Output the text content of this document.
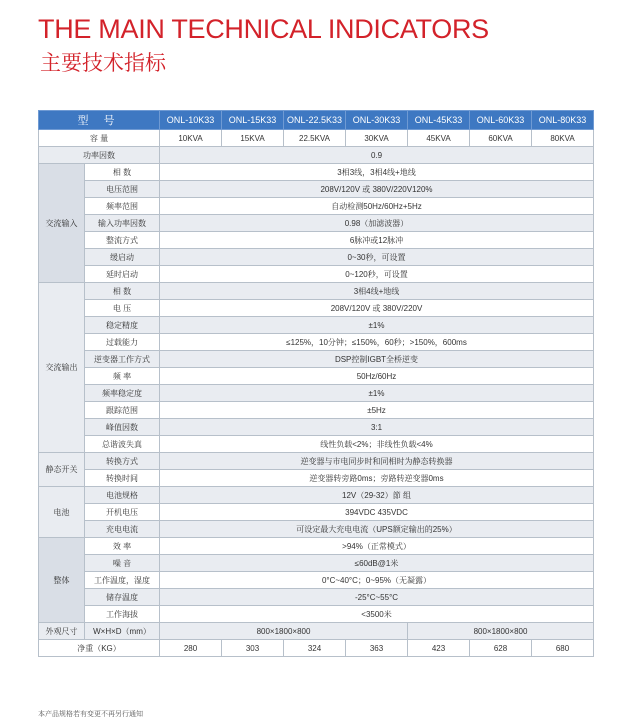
THE MAIN TECHNICAL INDICATORS
主要技术指标
型 号		ONL-10K33	ONL-15K33	ONL-22.5K33	ONL-30K33	ONL-45K33	ONL-60K33	ONL-80K33
容 量		10KVA	15KVA	22.5KVA	30KVA	45KVA	60KVA	80KVA
功率因数		0.9						
交流输入	相 数	3相3线，3相4线+地线						
	电压范围	208V/120V 或 380V/220V120%						
	频率范围	自动检测50Hz/60Hz+5Hz						
	输入功率因数	0.98（加滤波器）						
	整流方式	6脉冲或12脉冲						
	缓启动	0~30秒，可设置						
	延时启动	0~120秒，可设置						
交流输出	相 数	3相4线+地线						
	电 压	208V/120V 或 380V/220V						
	稳定精度	±1%						
	过载能力	≤125%，10分钟；≤150%，60秒；>150%，600ms						
	逆变器工作方式	DSP控制IGBT全桥逆变						
	频 率	50Hz/60Hz						
	频率稳定度	±1%						
	跟踪范围	±5Hz						
	峰值因数	3:1						
	总谐波失真	线性负载<2%；非线性负载<4%						
静态开关	转换方式	逆变器与市电同步时和同相时为静态转换器						
	转换时间	逆变器转旁路0ms；旁路转逆变器0ms						
电池	电池规格	12V（29-32）節 组						
	开机电压	394VDC 435VDC						
	充电电流	可设定最大充电电流（UPS额定输出的25%）						
整体	效 率	>94%（正常模式）						
	噪 音	≤60dB@1米						
	工作温度，湿度	0°C~40°C；0~95%（无凝露）						
	储存温度	-25°C~55°C						
	工作海拔	<3500米						
外观尺寸	W×H×D（mm）	800×1800×800				800×1800×800		
净重（KG）		280	303	324	363	423	628	680
本产品规格若有变更不再另行通知
